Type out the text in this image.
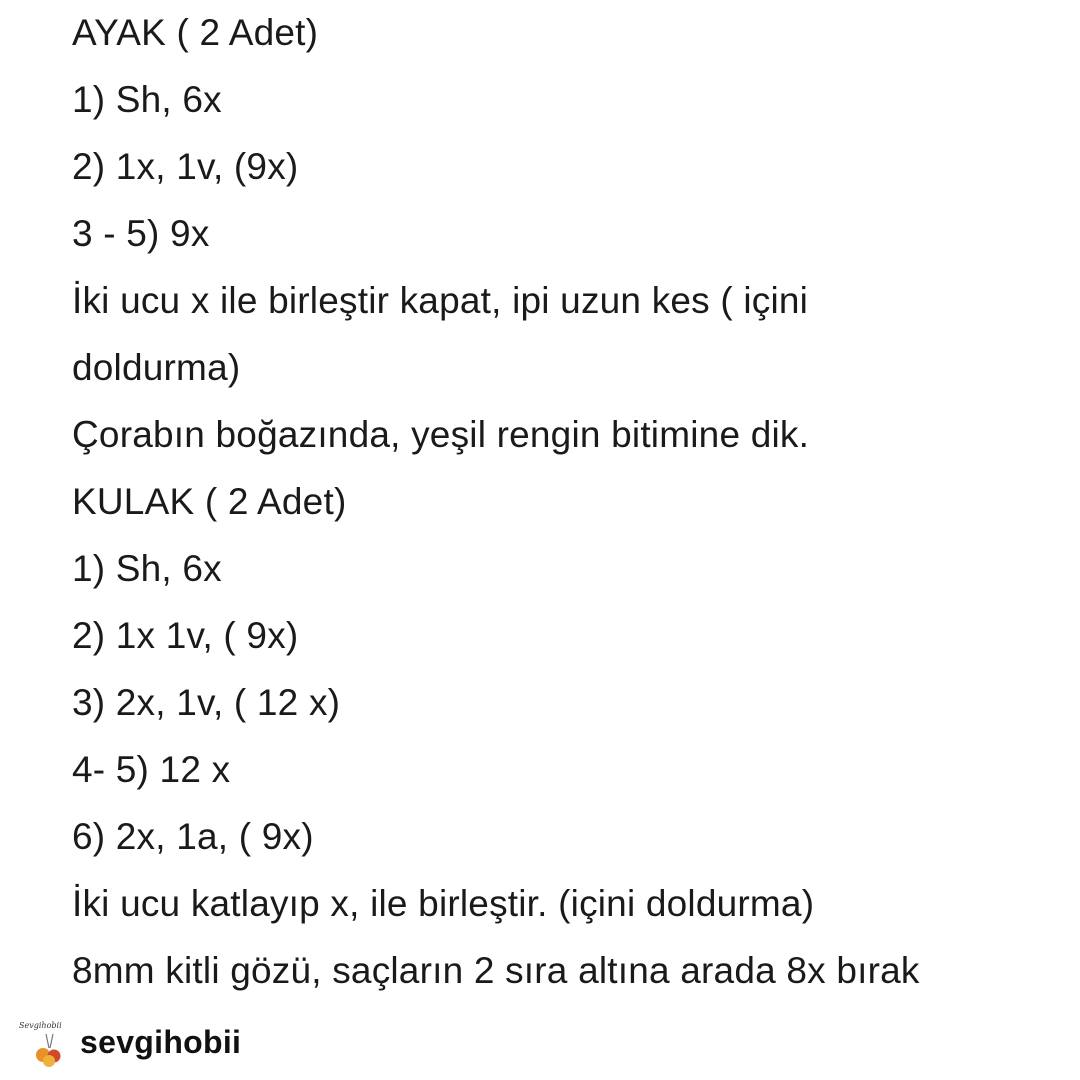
AYAK ( 2 Adet)
1) Sh, 6x
2) 1x, 1v, (9x)
3 - 5) 9x
İki ucu x ile birleştir kapat, ipi uzun kes ( içini
doldurma)
Çorabın boğazında, yeşil rengin bitimine dik.
KULAK ( 2 Adet)
1) Sh, 6x
2) 1x 1v, ( 9x)
3) 2x, 1v, ( 12 x)
4- 5) 12 x
6) 2x, 1a, ( 9x)
İki ucu katlayıp x, ile birleştir. (içini doldurma)
8mm kitli gözü, saçların 2 sıra altına arada 8x bırak
Sevgihobii sevgihobii
